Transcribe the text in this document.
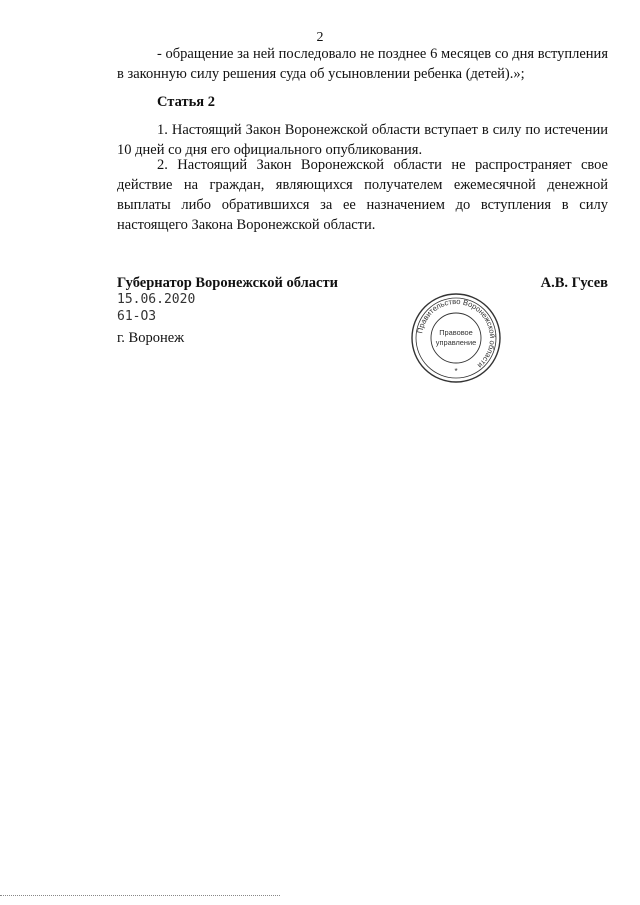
2

- обращение за ней последовало не позднее 6 месяцев со дня вступления в законную силу решения суда об усыновлении ребенка (детей).»;

Статья 2

1. Настоящий Закон Воронежской области вступает в силу по истечении 10 дней со дня его официального опубликования.

2. Настоящий Закон Воронежской области не распространяет свое действие на граждан, являющихся получателем ежемесячной денежной выплаты либо обратившихся за ее назначением до вступления в силу настоящего Закона Воронежской области.

Губернатор Воронежской области	А.В. Гусев
15.06.2020
61-ОЗ
г. Воронеж	Правительство Воронежской области
Правовое
управление
*
